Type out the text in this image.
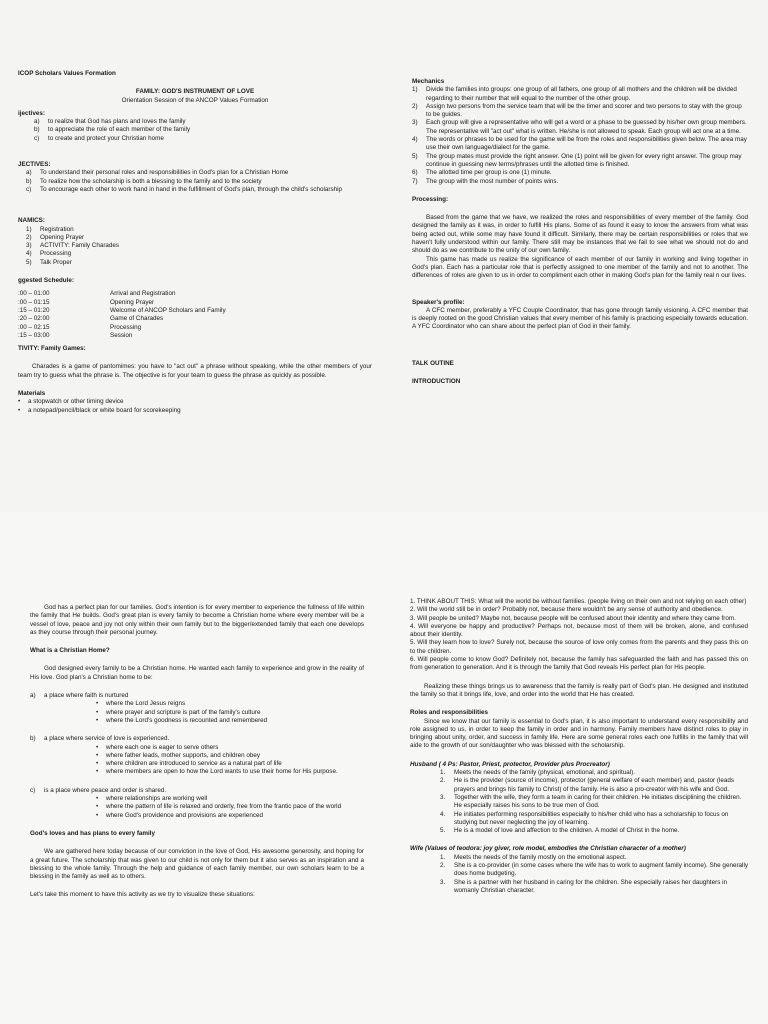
ICOP Scholars Values Formation
FAMILY: GOD'S INSTRUMENT OF LOVE
Orientation Session of the ANCOP Values Formation
ijectives:
a)	to realize that God has plans and loves the family
b)	to appreciate the role of each member of the family
c)	to create and protect your Christian home
JECTIVES:
a)	To understand their personal roles and responsibilities in God's plan for a Christian Home
b)	To realize how the scholarship is both a blessing to the family and to the society
c)	To encourage each other to work hand in hand in the fulfillment of God's plan, through the child's scholarship
NAMICS:
1)	Registration
2)	Opening Prayer
3)	ACTIVITY: Family Charades
4)	Processing
5)	Talk Proper
ggested Schedule:
:00 – 01:00	Arrival and Registration
:00 – 01:15	Opening Prayer
:15 – 01:20	Welcome of ANCOP Scholars and Family
:20 – 02:00	Game of Charades
:00 – 02:15	Processing
:15 – 03:00	Session
TIVITY: Family Games:
Charades is a game of pantomimes: you have to "act out" a phrase without speaking, while the other members of your team try to guess what the phrase is. The objective is for your team to guess the phrase as quickly as possible.
Materials
•	a stopwatch or other timing device
•	a notepad/pencil/black or white board for scorekeeping
Mechanics
1)	Divide the families into groups: one group of all fathers, one group of all mothers and the children will be divided regarding to their number that will equal to the number of the other group.
2)	Assign two persons from the service team that will be the timer and scorer and two persons to stay with the group to be guides.
3)	Each group will give a representative who will get a word or a phase to be guessed by his/her own group members. The representative will "act out" what is written. He/she is not allowed to speak. Each group will act one at a time.
4)	The words or phrases to be used for the game will be from the roles and responsibilities given below. The area may use their own language/dialect for the game.
5)	The group mates must provide the right answer. One (1) point will be given for every right answer. The group may continue in guessing new terms/phrases until the allotted time is finished.
6)	The allotted time per group is one (1) minute.
7)	The group with the most number of points wins.
Processing:
Based from the game that we have, we realized the roles and responsibilities of every member of the family. God designed the family as it was, in order to fulfill His plans. Some of as found it easy to know the answers from what was being acted out, while some may have found it difficult. Similarly, there may be certain responsibilities or roles that we haven't fully understood within our family. There still may be instances that we fail to see what we should not do and should do as we contribute to the unity of our own family.
This game has made us realize the significance of each member of our family in working and living together in God's plan. Each has a particular role that is perfectly assigned to one member of the family and not to another. The differences of roles are given to us in order to compliment each other in making God's plan for the family real n our lives.
Speaker's profile:
A CFC member, preferably a YFC Couple Coordinator, that has gone through family visioning. A CFC member that is deeply rooted on the good Christian values that every member of his family is practicing especially towards education. A YFC Coordinator who can share about the perfect plan of God in their family.
TALK OUTINE
INTRODUCTION
God has a perfect plan for our families. God's intention is for every member to experience the fullness of life within the family that He builds. God's great plan is every family to become a Christian home where every member will be a vessel of love, peace and joy not only within their own family but to the bigger/extended family that each one develops as they course through their personal journey.
What is a Christian Home?
God designed every family to be a Christian home. He wanted each family to experience and grow in the reality of His love. God plan's a Christian home to be:
a)	a place where faith is nurtured
•	where the Lord Jesus reigns
•	where prayer and scripture is part of the family's culture
•	where the Lord's goodness is recounted and remembered
b)	a place where service of love is experienced.
•	where each one is eager to serve others
•	where father leads, mother supports, and children obey
•	where children are introduced to service as a natural part of life
•	where members are open to how the Lord wants to use their home for His purpose.
c)	is a place where peace and order is shared.
•	where relationships are working well
•	where the pattern of life is relaxed and orderly, free from the frantic pace of the world
•	where God's providence and provisions are experienced
God's loves and has plans to every family
We are gathered here today because of our conviction in the love of God, His awesome generosity, and hoping for a great future. The scholarship that was given to our child is not only for them but it also serves as an inspiration and a blessing to the whole family. Through the help and guidance of each family member, our own scholars learn to be a blessing in the family as well as to others.
Let's take this moment to have this activity as we try to visualize these situations:
1. THINK ABOUT THIS: What will the world be without families. (people living on their own and not relying on each other)
2. Will the world still be in order? Probably not, because there wouldn't be any sense of authority and obedience.
3. Will people be united? Maybe not, because people will be confused about their identity and where they came from.
4. Will everyone be happy and productive? Perhaps not, because most of them will be broken, alone, and confused about their identity.
5. Will they learn how to love? Surely not, because the source of love only comes from the parents and they pass this on to the children.
6. Will people come to know God? Definitely not, because the family has safeguarded the faith and has passed this on from generation to generation. And it is through the family that God reveals His perfect plan for His people.
Realizing these things brings us to awareness that the family is really part of God's plan. He designed and instituted the family so that it brings life, love, and order into the world that He has created.
Roles and responsibilities
Since we know that our family is essential to God's plan, it is also important to understand every responsibility and role assigned to us, in order to keep the family in order and in harmony. Family members have distinct roles to play in bringing about unity, order, and success in family life. Here are some general roles each one fulfills in the family that will aide to the growth of our son/daughter who was blessed with the scholarship.
Husband ( 4 Ps: Pastor, Priest, protector, Provider plus Procreator)
1.	Meets the needs of the family (physical, emotional, and spiritual).
2.	He is the provider (source of income), protector (general welfare of each member) and, pastor (leads prayers and brings his family to Christ) of the family. He is also a pro-creator with his wife and God.
3.	Together with the wife, they form a team in caring for their children. He initiates disciplining the children. He especially raises his sons to be true men of God.
4.	He initiates performing responsibilities especially to his/her child who has a scholarship to focus on studying but never neglecting the joy of learning.
5.	He is a model of love and affection to the children. A model of Christ in the home.
Wife (Values of teodora: joy giver, role model, embodies the Christian character of a mother)
1.	Meets the needs of the family mostly on the emotional aspect.
2.	She is a co-provider (in some cases where the wife has to work to augment family income). She generally does home budgeting.
3.	She is a partner with her husband in caring for the children. She especially raises her daughters in womanly Christian character.
